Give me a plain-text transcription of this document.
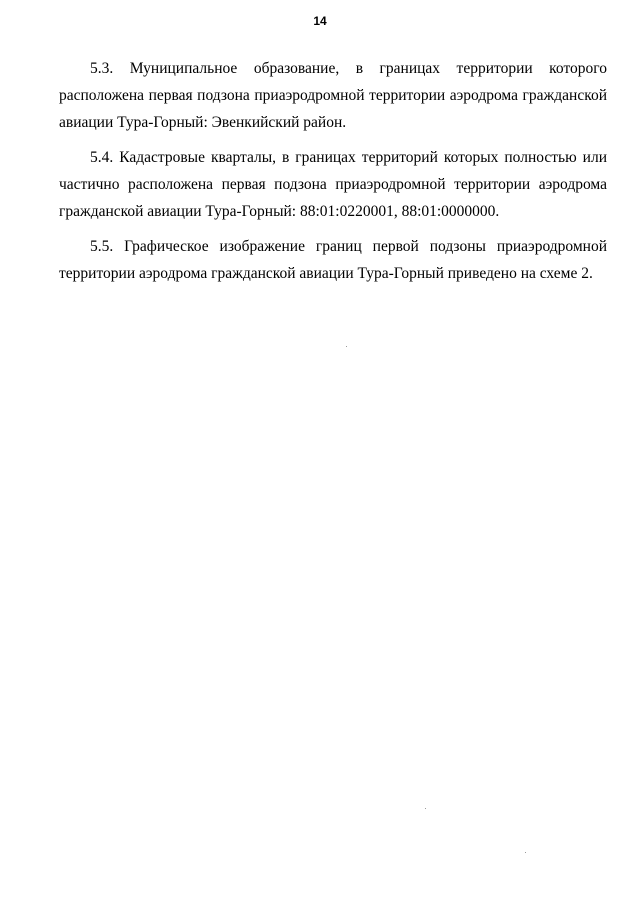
14

5.3. Муниципальное образование, в границах территории которого расположена первая подзона приаэродромной территории аэродрома гражданской авиации Тура-Горный: Эвенкийский район.

5.4. Кадастровые кварталы, в границах территорий которых полностью или частично расположена первая подзона приаэродромной территории аэродрома гражданской авиации Тура-Горный: 88:01:0220001, 88:01:0000000.

5.5. Графическое изображение границ первой подзоны приаэродромной территории аэродрома гражданской авиации Тура-Горный приведено на схеме 2.
